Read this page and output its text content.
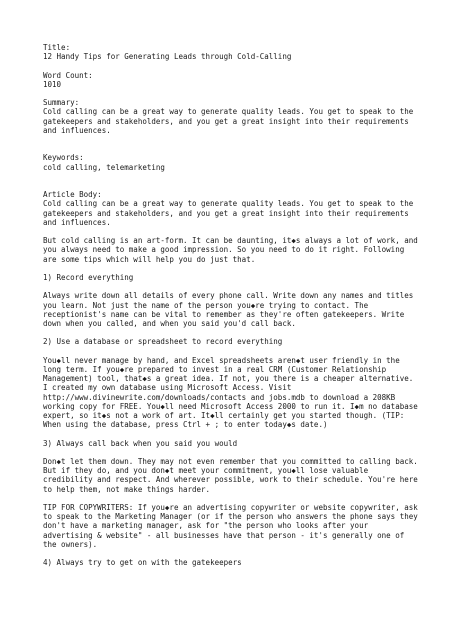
Title:
12 Handy Tips for Generating Leads through Cold-Calling
Word Count:
1010
Summary:
Cold calling can be a great way to generate quality leads. You get to speak to the
gatekeepers and stakeholders, and you get a great insight into their requirements
and influences.
Keywords:
cold calling, telemarketing
Article Body:
Cold calling can be a great way to generate quality leads. You get to speak to the
gatekeepers and stakeholders, and you get a great insight into their requirements
and influences.
But cold calling is an art-form. It can be daunting, it◆s always a lot of work, and
you always need to make a good impression. So you need to do it right. Following
are some tips which will help you do just that.
1) Record everything
Always write down all details of every phone call. Write down any names and titles
you learn. Not just the name of the person you◆re trying to contact. The
receptionist's name can be vital to remember as they're often gatekeepers. Write
down when you called, and when you said you'd call back.
2) Use a database or spreadsheet to record everything
You◆ll never manage by hand, and Excel spreadsheets aren◆t user friendly in the
long term. If you◆re prepared to invest in a real CRM (Customer Relationship
Management) tool, that◆s a great idea. If not, you there is a cheaper alternative.
I created my own database using Microsoft Access. Visit
http://www.divinewrite.com/downloads/contacts and jobs.mdb to download a 208KB
working copy for FREE. You◆ll need Microsoft Access 2000 to run it. I◆m no database
expert, so it◆s not a work of art. It◆ll certainly get you started though. (TIP:
When using the database, press Ctrl + ; to enter today◆s date.)
3) Always call back when you said you would
Don◆t let them down. They may not even remember that you committed to calling back.
But if they do, and you don◆t meet your commitment, you◆ll lose valuable
credibility and respect. And wherever possible, work to their schedule. You're here
to help them, not make things harder.
TIP FOR COPYWRITERS: If you◆re an advertising copywriter or website copywriter, ask
to speak to the Marketing Manager (or if the person who answers the phone says they
don't have a marketing manager, ask for "the person who looks after your
advertising & website" - all businesses have that person - it's generally one of
the owners).
4) Always try to get on with the gatekeepers
